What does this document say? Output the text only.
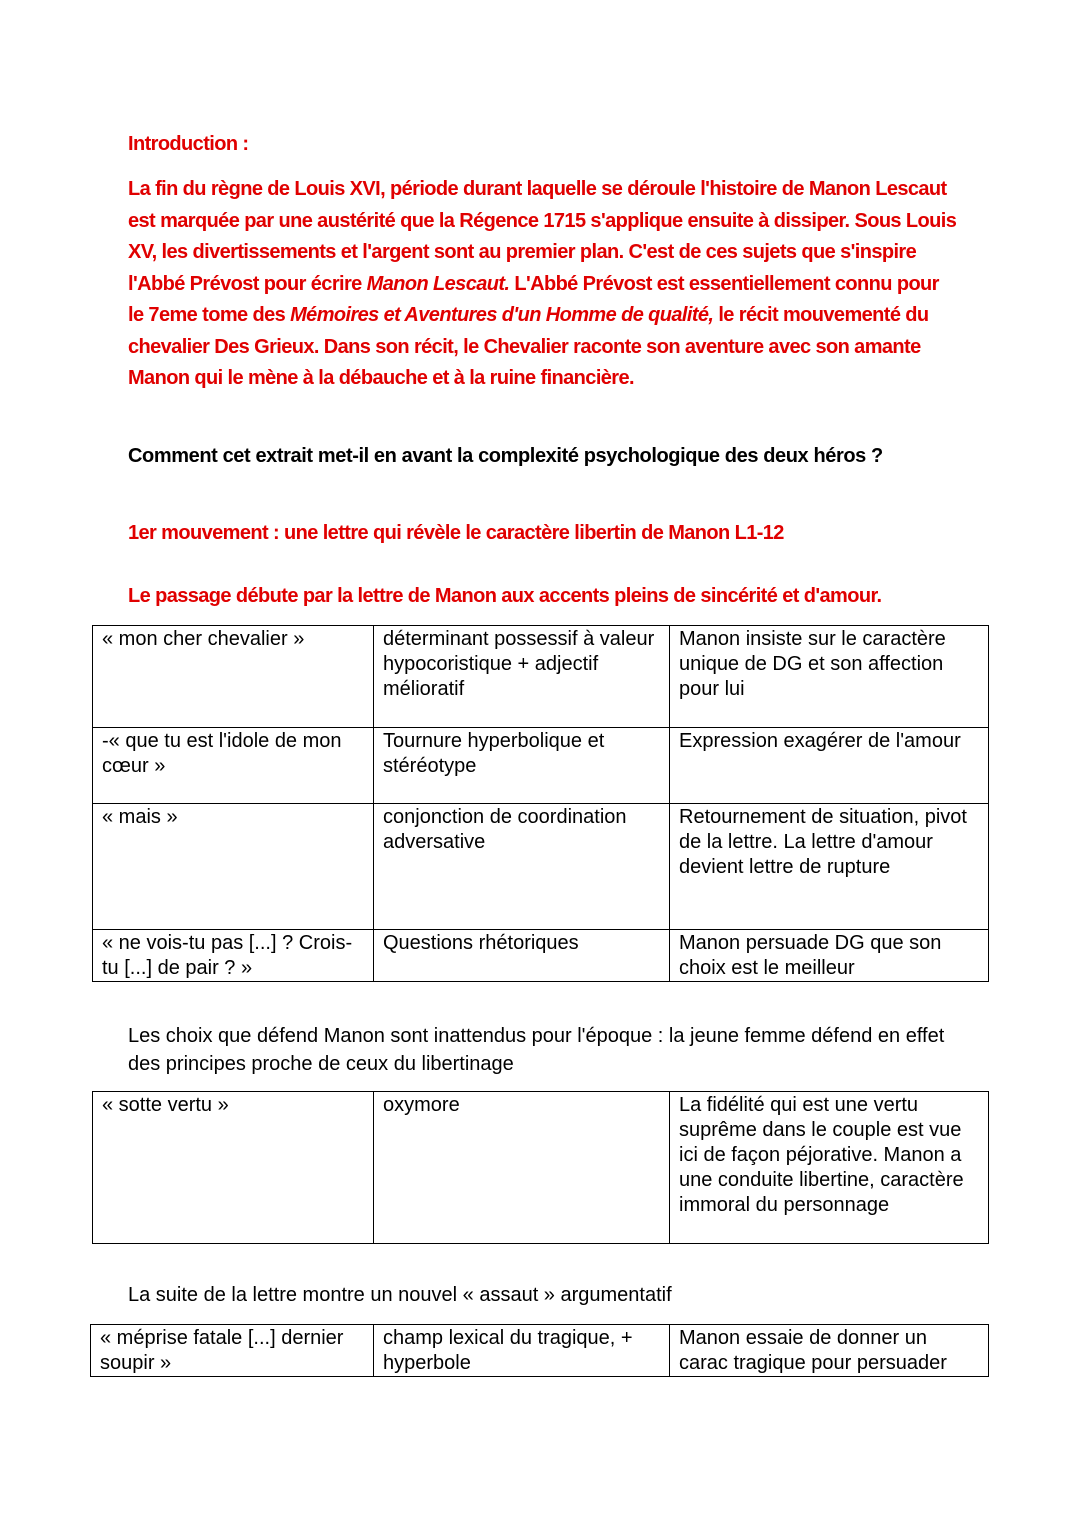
Introduction :
La fin du règne de Louis XVI, période durant laquelle se déroule l'histoire de Manon Lescaut est marquée par une austérité que la Régence 1715 s'applique ensuite à dissiper. Sous Louis XV, les divertissements et l'argent sont au premier plan. C'est de ces sujets que s'inspire l'Abbé Prévost pour écrire Manon Lescaut. L'Abbé Prévost est essentiellement connu pour le 7eme tome des Mémoires et Aventures d'un Homme de qualité, le récit mouvementé du chevalier Des Grieux. Dans son récit, le Chevalier raconte son aventure avec son amante Manon qui le mène à la débauche et à la ruine financière.
Comment cet extrait met-il en avant la complexité psychologique des deux héros ?
1er mouvement : une lettre qui révèle le caractère libertin de Manon L1-12
Le passage débute par la lettre de Manon aux accents pleins de sincérité et d'amour.
« mon cher chevalier »	déterminant possessif à valeur hypocoristique + adjectif mélioratif	Manon insiste sur le caractère unique de DG et son affection pour lui
-« que tu est l'idole de mon cœur »	Tournure hyperbolique et stéréotype	Expression exagérer de l'amour
« mais »	conjonction de coordination adversative	Retournement de situation, pivot de la lettre. La lettre d'amour devient lettre de rupture
« ne vois-tu pas [...] ? Crois-tu [...] de pair ? »	Questions rhétoriques	Manon persuade DG que son choix est le meilleur
Les choix que défend Manon sont inattendus pour l'époque : la jeune femme défend en effet des principes proche de ceux du libertinage
« sotte vertu »	oxymore	La fidélité qui est une vertu suprême dans le couple est vue ici de façon péjorative. Manon a une conduite libertine, caractère immoral du personnage
La suite de la lettre montre un nouvel « assaut » argumentatif
« méprise fatale [...] dernier soupir »	champ lexical du tragique, + hyperbole	Manon essaie de donner un carac tragique pour persuader
